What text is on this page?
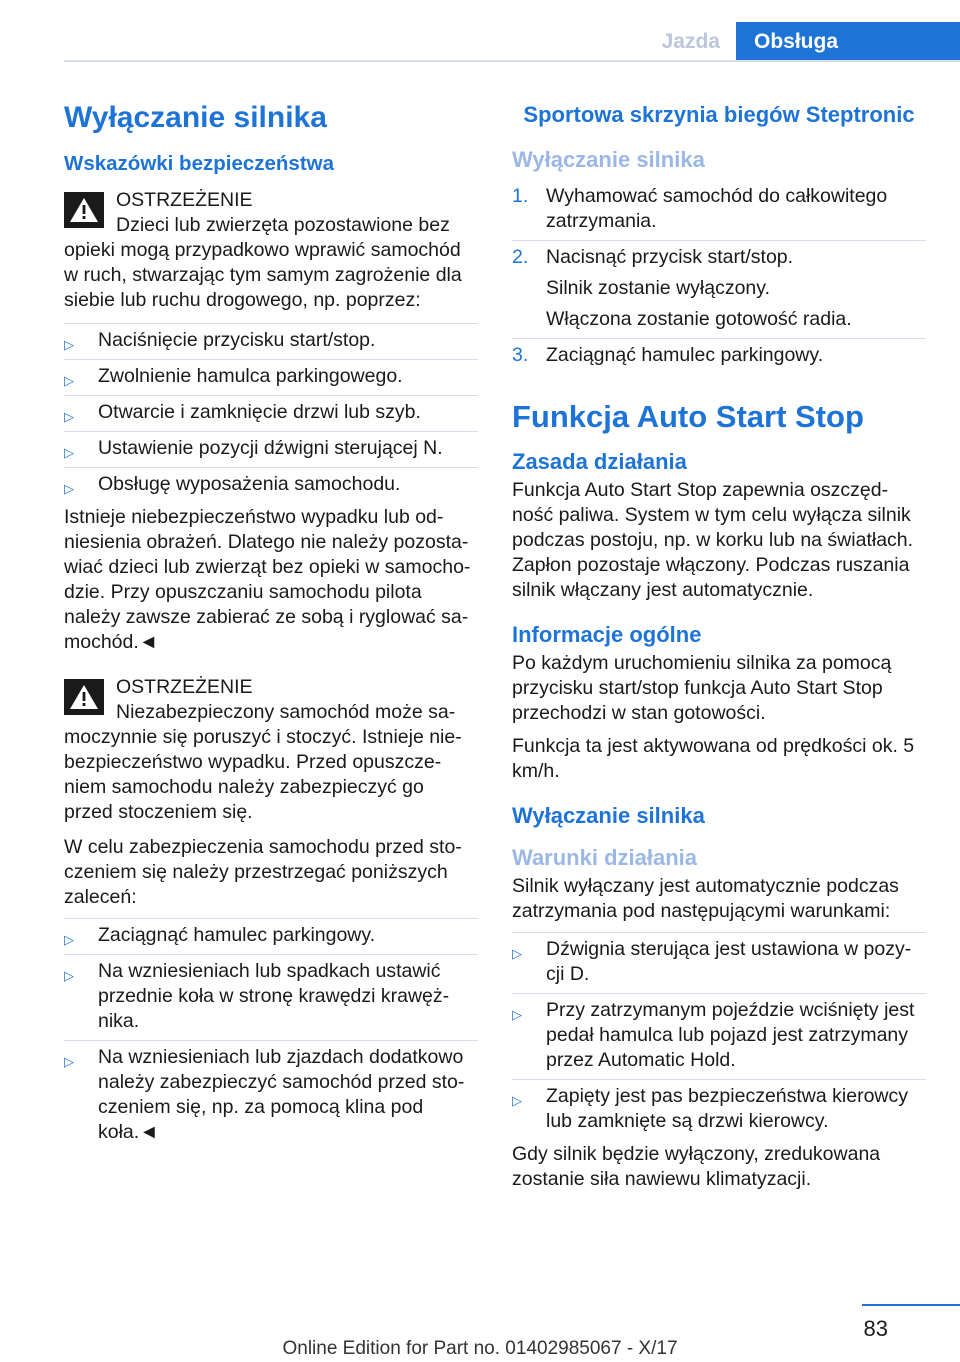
Jazda	Obsługa
Wyłączanie silnika
Wskazówki bezpieczeństwa
OSTRZEŻENIE
Dzieci lub zwierzęta pozostawione bez opieki mogą przypadkowo wprawić samochód w ruch, stwarzając tym samym zagrożenie dla siebie lub ruchu drogowego, np. poprzez:
▷ Naciśnięcie przycisku start/stop.
▷ Zwolnienie hamulca parkingowego.
▷ Otwarcie i zamknięcie drzwi lub szyb.
▷ Ustawienie pozycji dźwigni sterującej N.
▷ Obsługę wyposażenia samochodu.

Istnieje niebezpieczeństwo wypadku lub od-niesienia obrażeń. Dlatego nie należy pozosta-wiać dzieci lub zwierząt bez opieki w samocho-dzie. Przy opuszczaniu samochodu pilota należy zawsze zabierać ze sobą i ryglować sa-mochód.◄

OSTRZEŻENIE
Niezabezpieczony samochód może sa-moczynnie się poruszyć i stoczyć. Istnieje nie-bezpieczeństwo wypadku. Przed opuszcze-niem samochodu należy zabezpieczyć go przed stoczeniem się.

W celu zabezpieczenia samochodu przed sto-czeniem się należy przestrzegać poniższych zaleceń:

▷ Zaciągnąć hamulec parkingowy.
▷ Na wzniesieniach lub spadkach ustawić przednie koła w stronę krawędzi krawęż-nika.
▷ Na wzniesieniach lub zjazdach dodatkowo należy zabezpieczyć samochód przed sto-czeniem się, np. za pomocą klina pod koła.◄
Sportowa skrzynia biegów Steptronic
Wyłączanie silnika
1. Wyhamować samochód do całkowitego zatrzymania.
2. Nacisnąć przycisk start/stop.

Silnik zostanie wyłączony.

Włączona zostanie gotowość radia.

3. Zaciągnąć hamulec parkingowy.
Funkcja Auto Start Stop
Zasada działania

Funkcja Auto Start Stop zapewnia oszczęd-ność paliwa. System w tym celu wyłącza silnik podczas postoju, np. w korku lub na światłach. Zapłon pozostaje włączony. Podczas ruszania silnik włączany jest automatycznie.

Informacje ogólne

Po każdym uruchomieniu silnika za pomocą przycisku start/stop funkcja Auto Start Stop przechodzi w stan gotowości.

Funkcja ta jest aktywowana od prędkości ok. 5 km/h.

Wyłączanie silnika
Warunki działania

Silnik wyłączany jest automatycznie podczas zatrzymania pod następującymi warunkami:

▷ Dźwignia sterująca jest ustawiona w pozy-cji D.
▷ Przy zatrzymanym pojeździe wciśnięty jest pedał hamulca lub pojazd jest zatrzymany przez Automatic Hold.
▷ Zapięty jest pas bezpieczeństwa kierowcy lub zamknięte są drzwi kierowcy.

Gdy silnik będzie wyłączony, zredukowana zostanie siła nawiewu klimatyzacji.

83
Online Edition for Part no. 01402985067 - X/17
